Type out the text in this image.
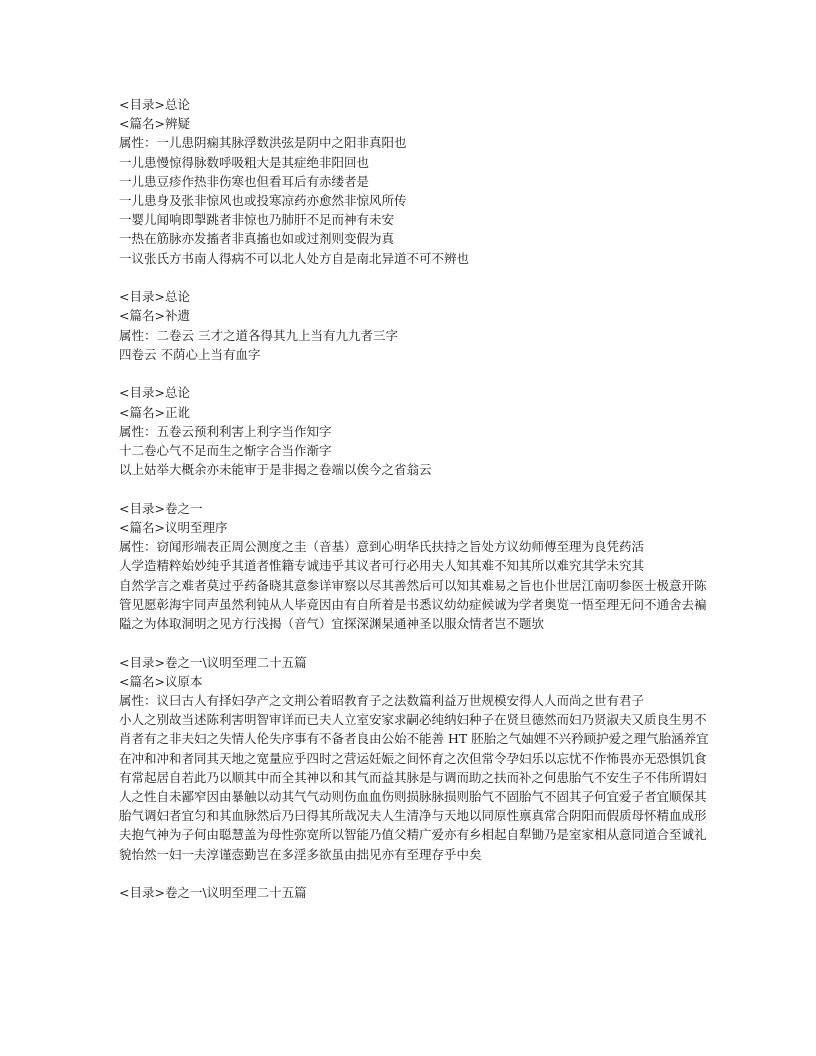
<目录>总论

<篇名>辨疑

属性：一儿患阴痫其脉浮数洪弦是阴中之阳非真阳也

一儿患慢惊得脉数呼吸粗大是其症绝非阳回也

一儿患豆疹作热非伤寒也但看耳后有赤缕者是

一儿患身及张非惊风也或投寒凉药亦愈然非惊风所传

一婴儿闻响即掣跳者非惊也乃肺肝不足而神有未安

一热在筋脉亦发搐者非真搐也如或过剂则变假为真

一议张氏方书南人得病不可以北人处方自是南北异道不可不辨也

<目录>总论

<篇名>补遗

属性：二卷云 三才之道各得其九上当有九九者三字

四卷云 不荫心上当有血字

<目录>总论

<篇名>正讹

属性：五卷云预利利害上利字当作知字

十二卷心气不足而生之惭字合当作渐字

以上姑举大概余亦未能审于是非揭之卷端以俟今之省翁云

<目录>卷之一

<篇名>议明至理序

属性：窃闻形端表正周公测度之圭（音基）意到心明华氏扶持之旨处方议幼师傅至理为良凭药活

人学造精粹始妙纯乎其道者惟籍专诚违乎其议者可行必用夫人知其难不知其所以难究其学未究其

自然学言之难者莫过乎药备晓其意参详审察以尽其善然后可以知其难易之旨也仆世居江南叨参医士极意开陈管见愿彰海宇同声虽然利钝从人毕竟因由有自所着是书悉议幼幼症候诚为学者奥览一悟至理无问不通舍去褊隘之为体取洞明之见方行浅揭（音气）宜探深渊杲通神圣以服众情者岂不题欤

<目录>卷之一\议明至理二十五篇

<篇名>议原本

属性：议曰古人有择妇孕产之文荆公着昭教育子之法数篇利益万世规模安得人人而尚之世有君子

小人之别故当述陈利害明智审详而已夫人立室安家求嗣必纯纳妇种子在贤旦德然而妇乃贤淑夫又质良生男不肖者有之非夫妇之失情人伦失序事有不备者良由公始不能善 HT 胚胎之气妯娌不兴矜顾护爱之理气胎涵养宜在冲和冲和者同其天地之宽量应乎四时之营运妊娠之间怀育之次但常令孕妇乐以忘忧不作怖畏亦无恐惧饥食有常起居自若此乃以顺其中而全其神以和其气而益其脉是与调而助之扶而补之何患胎气不安生子不伟所谓妇人之性自未鄙窄因由暴触以动其气气动则伤血血伤则损脉脉损则胎气不固胎气不固其子何宜爱子者宜顺保其胎气调妇者宜匀和其血脉然后乃曰得其所哉况夫人生清净与天地以同原性禀真常合阴阳而假质母怀精血成形夫抱气神为子何由聪慧盖为母性弥宽所以智能乃值父精广爱亦有乡相起自犁锄乃是室家相从意同道合至诚礼貌怡然一妇一夫淳谨悫勤岂在多淫多欲虽由拙见亦有至理存乎中矣

<目录>卷之一\议明至理二十五篇
